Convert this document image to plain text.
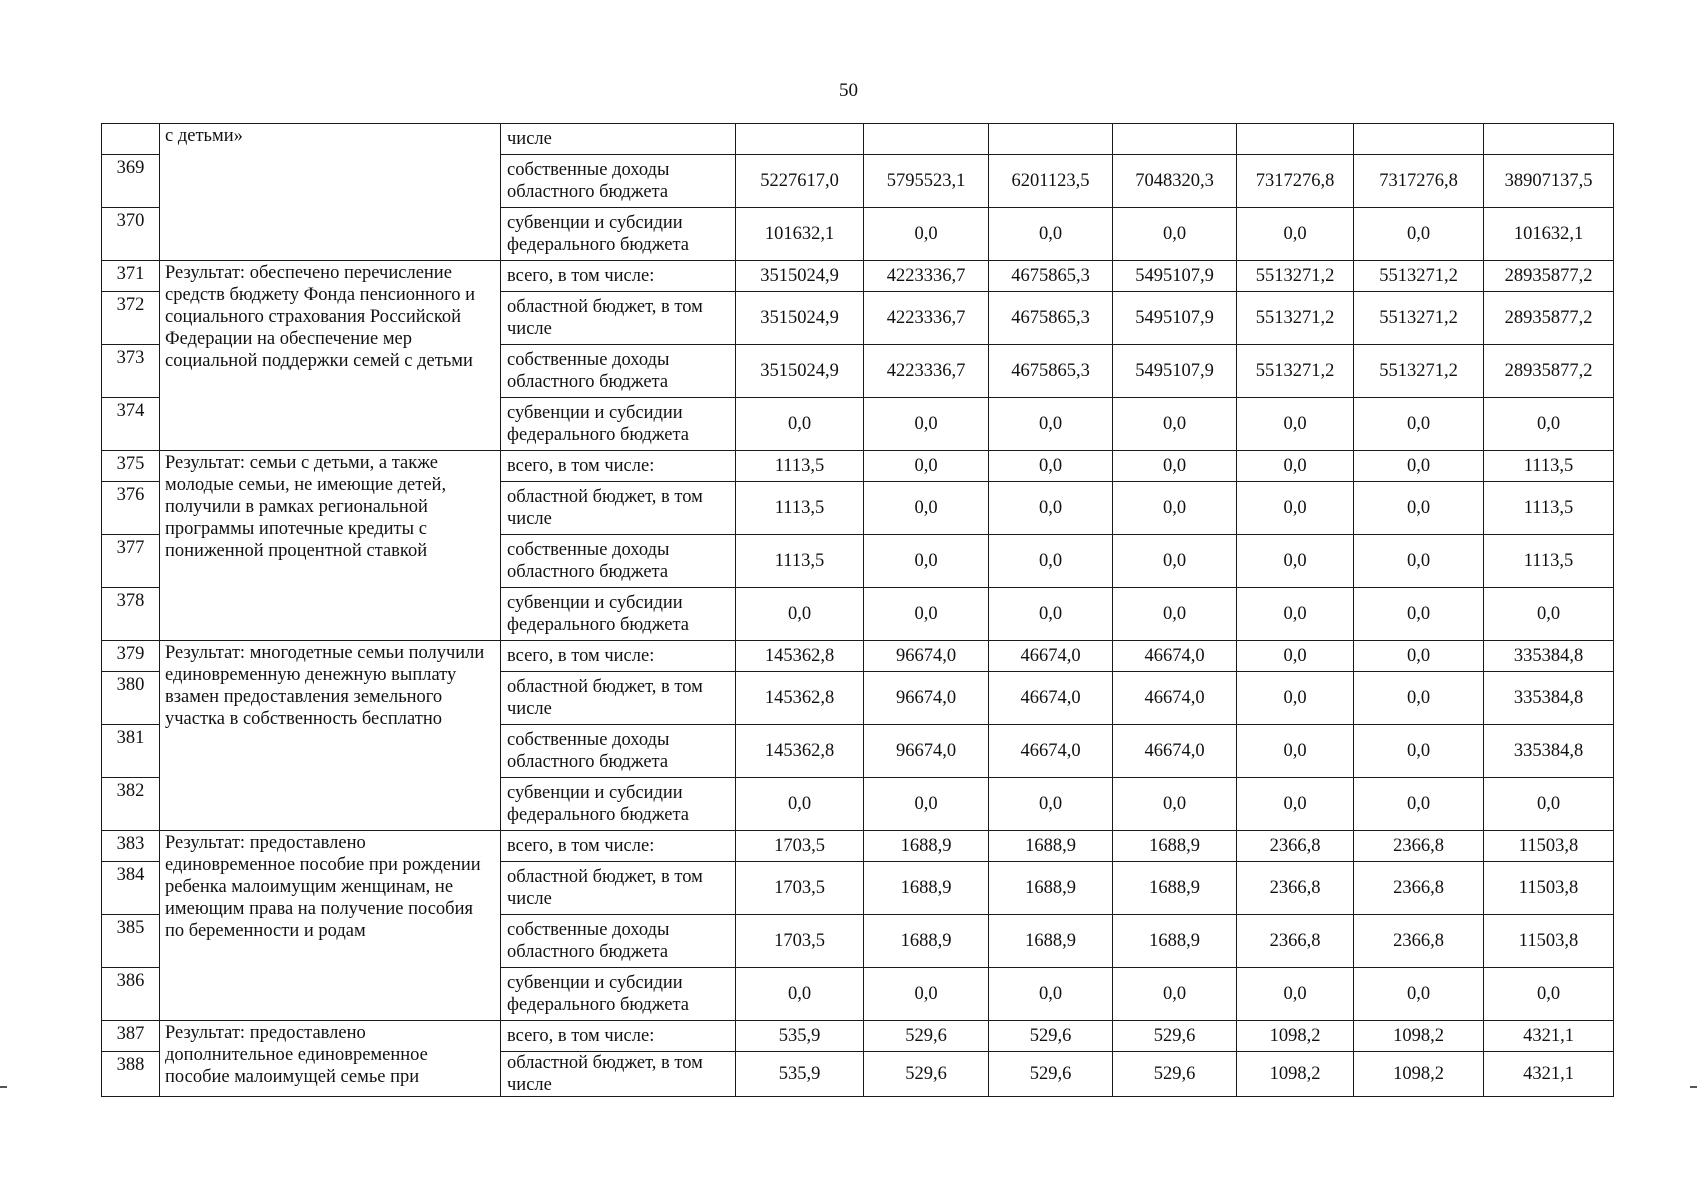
50
	с детьми»	числе							
369		собственные доходы областного бюджета	5227617,0	5795523,1	6201123,5	7048320,3	7317276,8	7317276,8	38907137,5
370		субвенции и субсидии федерального бюджета	101632,1	0,0	0,0	0,0	0,0	0,0	101632,1
371	Результат: обеспечено перечисление средств бюджету Фонда пенсионного и социального страхования Российской Федерации на обеспечение мер социальной поддержки семей с детьми	всего, в том числе:	3515024,9	4223336,7	4675865,3	5495107,9	5513271,2	5513271,2	28935877,2
372		областной бюджет, в том числе	3515024,9	4223336,7	4675865,3	5495107,9	5513271,2	5513271,2	28935877,2
373		собственные доходы областного бюджета	3515024,9	4223336,7	4675865,3	5495107,9	5513271,2	5513271,2	28935877,2
374		субвенции и субсидии федерального бюджета	0,0	0,0	0,0	0,0	0,0	0,0	0,0
375	Результат: семьи с детьми, а также молодые семьи, не имеющие детей, получили в рамках региональной программы ипотечные кредиты с пониженной процентной ставкой	всего, в том числе:	1113,5	0,0	0,0	0,0	0,0	0,0	1113,5
376		областной бюджет, в том числе	1113,5	0,0	0,0	0,0	0,0	0,0	1113,5
377		собственные доходы областного бюджета	1113,5	0,0	0,0	0,0	0,0	0,0	1113,5
378		субвенции и субсидии федерального бюджета	0,0	0,0	0,0	0,0	0,0	0,0	0,0
379	Результат: многодетные семьи получили единовременную денежную выплату взамен предоставления земельного участка в собственность бесплатно	всего, в том числе:	145362,8	96674,0	46674,0	46674,0	0,0	0,0	335384,8
380		областной бюджет, в том числе	145362,8	96674,0	46674,0	46674,0	0,0	0,0	335384,8
381		собственные доходы областного бюджета	145362,8	96674,0	46674,0	46674,0	0,0	0,0	335384,8
382		субвенции и субсидии федерального бюджета	0,0	0,0	0,0	0,0	0,0	0,0	0,0
383	Результат: предоставлено единовременное пособие при рождении ребенка малоимущим женщинам, не имеющим права на получение пособия по беременности и родам	всего, в том числе:	1703,5	1688,9	1688,9	1688,9	2366,8	2366,8	11503,8
384		областной бюджет, в том числе	1703,5	1688,9	1688,9	1688,9	2366,8	2366,8	11503,8
385		собственные доходы областного бюджета	1703,5	1688,9	1688,9	1688,9	2366,8	2366,8	11503,8
386		субвенции и субсидии федерального бюджета	0,0	0,0	0,0	0,0	0,0	0,0	0,0
387	Результат: предоставлено дополнительное единовременное пособие малоимущей семье при	всего, в том числе:	535,9	529,6	529,6	529,6	1098,2	1098,2	4321,1
388		областной бюджет, в том числе	535,9	529,6	529,6	529,6	1098,2	1098,2	4321,1
